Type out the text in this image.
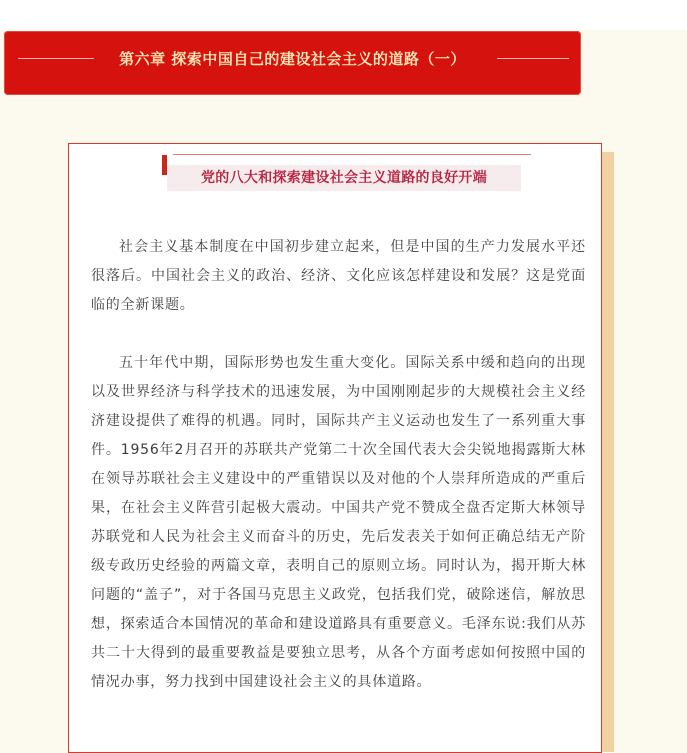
第六章 探索中国自己的建设社会主义的道路（一）
党的八大和探索建设社会主义道路的良好开端

社会主义基本制度在中国初步建立起来，但是中国的生产力发展水平还很落后。中国社会主义的政治、经济、文化应该怎样建设和发展？这是党面临的全新课题。

五十年代中期，国际形势也发生重大变化。国际关系中缓和趋向的出现以及世界经济与科学技术的迅速发展，为中国刚刚起步的大规模社会主义经济建设提供了难得的机遇。同时，国际共产主义运动也发生了一系列重大事件。1956年2月召开的苏联共产党第二十次全国代表大会尖锐地揭露斯大林在领导苏联社会主义建设中的严重错误以及对他的个人崇拜所造成的严重后果，在社会主义阵营引起极大震动。中国共产党不赞成全盘否定斯大林领导苏联党和人民为社会主义而奋斗的历史，先后发表关于如何正确总结无产阶级专政历史经验的两篇文章，表明自己的原则立场。同时认为，揭开斯大林问题的“盖子”，对于各国马克思主义政党，包括我们党，破除迷信，解放思想，探索适合本国情况的革命和建设道路具有重要意义。毛泽东说:我们从苏共二十大得到的最重要教益是要独立思考，从各个方面考虑如何按照中国的情况办事，努力找到中国建设社会主义的具体道路。
